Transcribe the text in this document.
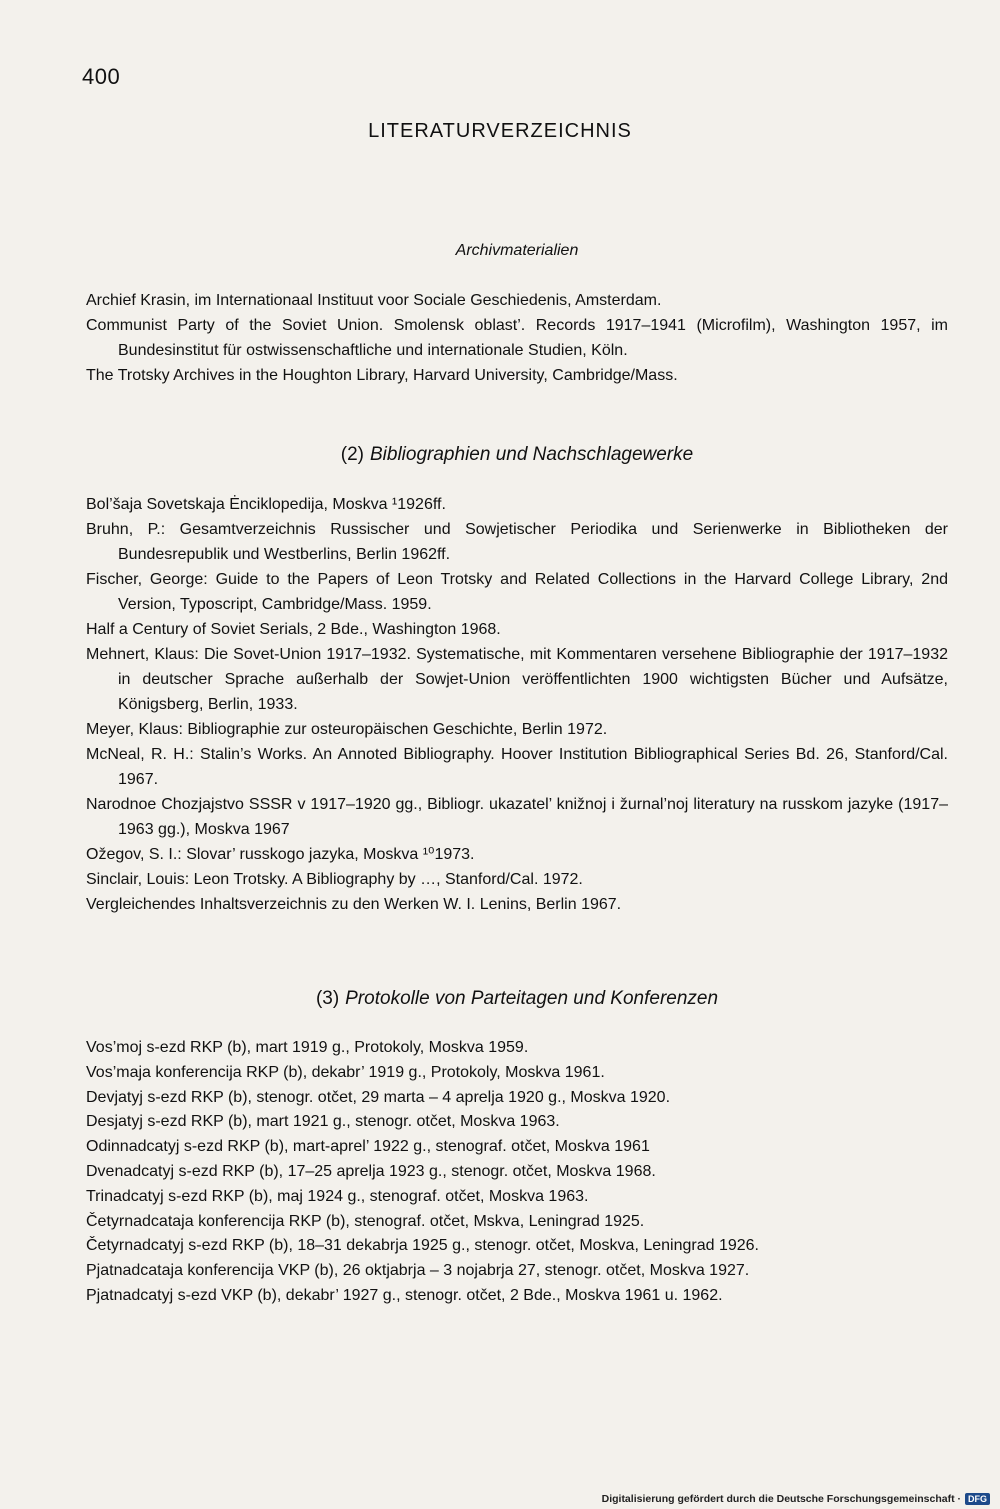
400
LITERATURVERZEICHNIS
Archivmaterialien
Archief Krasin, im Internationaal Instituut voor Sociale Geschiedenis, Amsterdam.
Communist Party of the Soviet Union. Smolensk oblast’. Records 1917–1941 (Microfilm), Washington 1957, im Bundesinstitut für ostwissenschaftliche und internationale Studien, Köln.
The Trotsky Archives in the Houghton Library, Harvard University, Cambridge/Mass.
(2) Bibliographien und Nachschlagewerke
Bol’šaja Sovetskaja Ėnciklopedija, Moskva ¹1926ff.
Bruhn, P.: Gesamtverzeichnis Russischer und Sowjetischer Periodika und Serienwerke in Bibliotheken der Bundesrepublik und Westberlins, Berlin 1962ff.
Fischer, George: Guide to the Papers of Leon Trotsky and Related Collections in the Harvard College Library, 2nd Version, Typoscript, Cambridge/Mass. 1959.
Half a Century of Soviet Serials, 2 Bde., Washington 1968.
Mehnert, Klaus: Die Sovet-Union 1917–1932. Systematische, mit Kommentaren versehene Bibliographie der 1917–1932 in deutscher Sprache außerhalb der Sowjet-Union veröffentlichten 1900 wichtigsten Bücher und Aufsätze, Königsberg, Berlin, 1933.
Meyer, Klaus: Bibliographie zur osteuropäischen Geschichte, Berlin 1972.
McNeal, R. H.: Stalin’s Works. An Annoted Bibliography. Hoover Institution Bibliographical Series Bd. 26, Stanford/Cal. 1967.
Narodnoe Chozjajstvo SSSR v 1917–1920 gg., Bibliogr. ukazatel’ knižnoj i žurnal’noj literatury na russkom jazyke (1917–1963 gg.), Moskva 1967
Ožegov, S. I.: Slovar’ russkogo jazyka, Moskva ¹⁰1973.
Sinclair, Louis: Leon Trotsky. A Bibliography by …, Stanford/Cal. 1972.
Vergleichendes Inhaltsverzeichnis zu den Werken W. I. Lenins, Berlin 1967.
(3) Protokolle von Parteitagen und Konferenzen
Vos’moj s-ezd RKP (b), mart 1919 g., Protokoly, Moskva 1959.
Vos’maja konferencija RKP (b), dekabr’ 1919 g., Protokoly, Moskva 1961.
Devjatyj s-ezd RKP (b), stenogr. otčet, 29 marta – 4 aprelja 1920 g., Moskva 1920.
Desjatyj s-ezd RKP (b), mart 1921 g., stenogr. otčet, Moskva 1963.
Odinnadcatyj s-ezd RKP (b), mart-aprel’ 1922 g., stenograf. otčet, Moskva 1961
Dvenadcatyj s-ezd RKP (b), 17–25 aprelja 1923 g., stenogr. otčet, Moskva 1968.
Trinadcatyj s-ezd RKP (b), maj 1924 g., stenograf. otčet, Moskva 1963.
Četyrnadcataja konferencija RKP (b), stenograf. otčet, Mskva, Leningrad 1925.
Četyrnadcatyj s-ezd RKP (b), 18–31 dekabrja 1925 g., stenogr. otčet, Moskva, Leningrad 1926.
Pjatnadcataja konferencija VKP (b), 26 oktjabrja – 3 nojabrja 27, stenogr. otčet, Moskva 1927.
Pjatnadcatyj s-ezd VKP (b), dekabr’ 1927 g., stenogr. otčet, 2 Bde., Moskva 1961 u. 1962.
Digitalisierung gefördert durch die Deutsche Forschungsgemeinschaft · DFG
